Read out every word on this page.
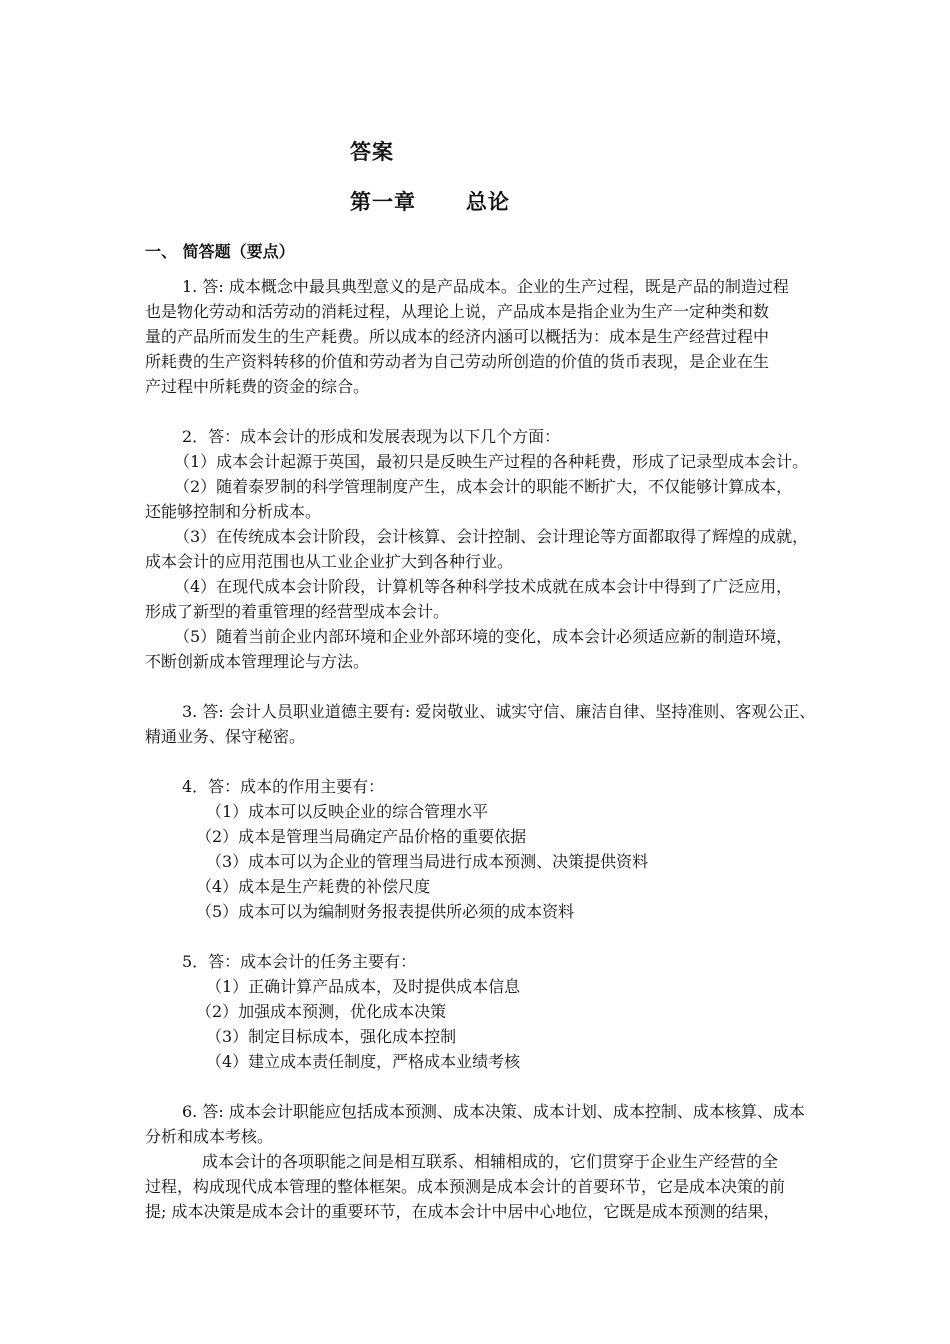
答案
第一章      总论
一、 简答题（要点）
1. 答: 成本概念中最具典型意义的是产品成本。企业的生产过程，既是产品的制造过程
也是物化劳动和活劳动的消耗过程，从理论上说，产品成本是指企业为生产一定种类和数
量的产品所而发生的生产耗费。所以成本的经济内涵可以概括为：成本是生产经营过程中
所耗费的生产资料转移的价值和劳动者为自己劳动所创造的价值的货币表现，是企业在生
产过程中所耗费的资金的综合。
2．答：成本会计的形成和发展表现为以下几个方面：
（1）成本会计起源于英国，最初只是反映生产过程的各种耗费，形成了记录型成本会计。
（2）随着泰罗制的科学管理制度产生，成本会计的职能不断扩大，不仅能够计算成本，
还能够控制和分析成本。
（3）在传统成本会计阶段，会计核算、会计控制、会计理论等方面都取得了辉煌的成就，
成本会计的应用范围也从工业企业扩大到各种行业。
（4）在现代成本会计阶段，计算机等各种科学技术成就在成本会计中得到了广泛应用，
形成了新型的着重管理的经营型成本会计。
（5）随着当前企业内部环境和企业外部环境的变化，成本会计必须适应新的制造环境，
不断创新成本管理理论与方法。
3. 答: 会计人员职业道德主要有: 爱岗敬业、诚实守信、廉洁自律、坚持准则、客观公正、
精通业务、保守秘密。
4．答：成本的作用主要有：
（1）成本可以反映企业的综合管理水平
（2）成本是管理当局确定产品价格的重要依据
（3）成本可以为企业的管理当局进行成本预测、决策提供资料
（4）成本是生产耗费的补偿尺度
（5）成本可以为编制财务报表提供所必须的成本资料
5．答：成本会计的任务主要有：
（1）正确计算产品成本，及时提供成本信息
（2）加强成本预测，优化成本决策
（3）制定目标成本，强化成本控制
（4）建立成本责任制度，严格成本业绩考核
6. 答: 成本会计职能应包括成本预测、成本决策、成本计划、成本控制、成本核算、成本
分析和成本考核。
成本会计的各项职能之间是相互联系、相辅相成的，它们贯穿于企业生产经营的全
过程，构成现代成本管理的整体框架。成本预测是成本会计的首要环节，它是成本决策的前
提; 成本决策是成本会计的重要环节，在成本会计中居中心地位，它既是成本预测的结果，
